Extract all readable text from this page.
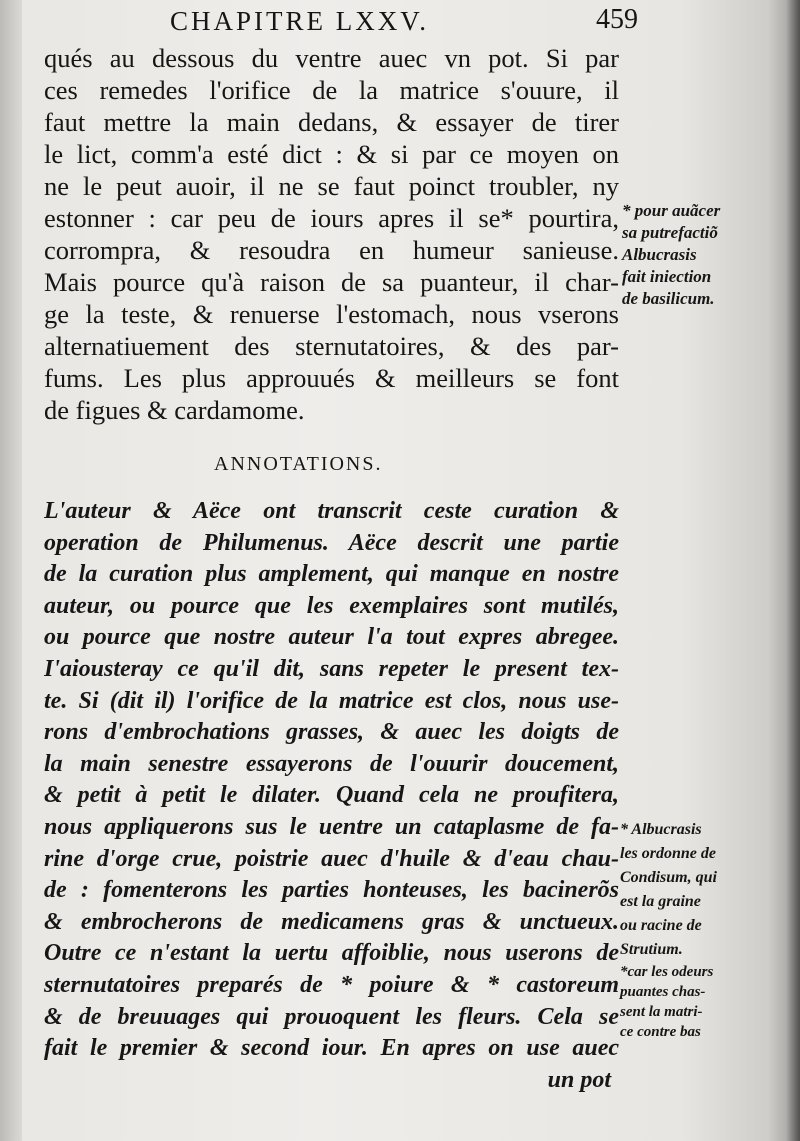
CHAPITRE LXXV.	459
qués au dessous du ventre auec vn pot. Si par
ces remedes l'orifice de la matrice s'ouure, il
faut mettre la main dedans, & essayer de tirer
le lict, comm'a esté dict : & si par ce moyen on
ne le peut auoir, il ne se faut poinct troubler, ny
estonner : car peu de iours apres il se* pourtira,
corrompra, & resoudra en humeur sanieuse.
Mais pource qu'à raison de sa puanteur, il char-
ge la teste, & renuerse l'estomach, nous vserons
alternatiuement des sternutatoires, & des par-
fums. Les plus approuués & meilleurs se font
de figues & cardamome.
ANNOTATIONS.
L'auteur & Aëce ont transcrit ceste curation &
operation de Philumenus. Aëce descrit une partie
de la curation plus amplement, qui manque en nostre
auteur, ou pource que les exemplaires sont mutilés,
ou pource que nostre auteur l'a tout expres abregee.
I'aiousteray ce qu'il dit, sans repeter le present tex-
te. Si (dit il) l'orifice de la matrice est clos, nous use-
rons d'embrochations grasses, & auec les doigts de
la main senestre essayerons de l'ouurir doucement,
& petit à petit le dilater. Quand cela ne proufitera,
nous appliquerons sus le uentre un cataplasme de fa-
rine d'orge crue, poistrie auec d'huile & d'eau chau-
de : fomenterons les parties honteuses, les bacinerõs
& embrocherons de medicamens gras & unctueux.
Outre ce n'estant la uertu affoiblie, nous userons de
sternutatoires preparés de * poiure & * castoreum
& de breuuages qui prouoquent les fleurs. Cela se
fait le premier & second iour. En apres on use auec
un pot
* pour auãcer
sa putrefactiõ
Albucrasis
fait iniection
de basilicum.
* Albucrasis
les ordonne de
Condisum, qui
est la graine
ou racine de
Strutium.
*car les odeurs
puantes chas-
sent la matri-
ce contre bas
